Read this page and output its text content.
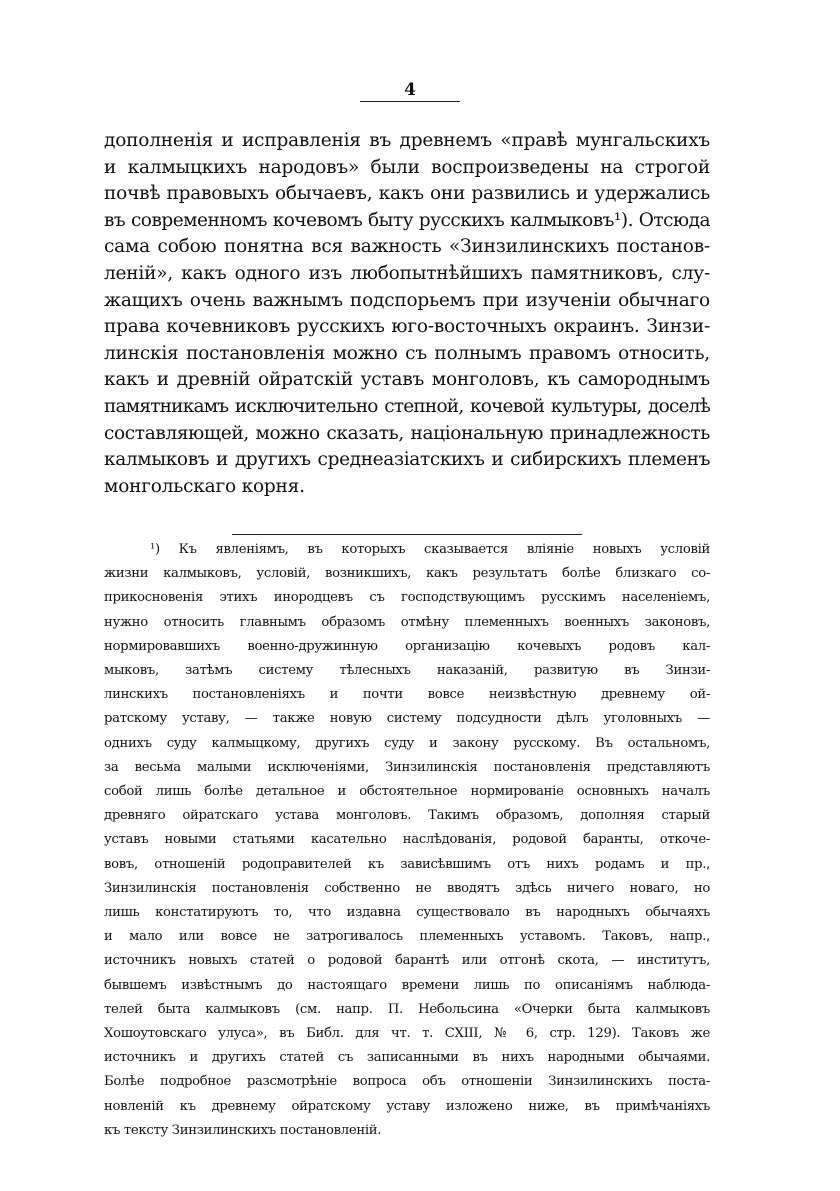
4
дополненія и исправленія въ древнемъ «правѣ мунгальскихъ
и калмыцкихъ народовъ» были воспроизведены на строгой
почвѣ правовыхъ обычаевъ, какъ они развились и удержались
въ современномъ кочевомъ быту русскихъ калмыковъ¹). Отсюда
сама собою понятна вся важность «Зинзилинскихъ постанов-
леній», какъ одного изъ любопытнѣйшихъ памятниковъ, слу-
жащихъ очень важнымъ подспорьемъ при изученіи обычнаго
права кочевниковъ русскихъ юго-восточныхъ окраинъ. Зинзи-
линскія постановленія можно съ полнымъ правомъ относить,
какъ и древній ойратскій уставъ монголовъ, къ самороднымъ
памятникамъ исключительно степной, кочевой культуры, доселѣ
составляющей, можно сказать, національную принадлежность
калмыковъ и другихъ среднеазіатскихъ и сибирскихъ племенъ
монгольскаго корня.
¹) Къ явленіямъ, въ которыхъ сказывается вліяніе новыхъ условій
жизни калмыковъ, условій, возникшихъ, какъ результатъ болѣе близкаго со-
прикосновенія этихъ инородцевъ съ господствующимъ русскимъ населеніемъ,
нужно относить главнымъ образомъ отмѣну племенныхъ военныхъ законовъ,
нормировавшихъ военно-дружинную организацію кочевыхъ родовъ кал-
мыковъ, затѣмъ систему тѣлесныхъ наказаній, развитую въ Зинзи-
линскихъ постановленіяхъ и почти вовсе неизвѣстную древнему ой-
ратскому уставу, — также новую систему подсудности дѣлъ уголовныхъ —
однихъ суду калмыцкому, другихъ суду и закону русскому. Въ остальномъ,
за весьма малыми исключеніями, Зинзилинскія постановленія представляютъ
собой лишь болѣе детальное и обстоятельное нормированіе основныхъ началъ
древняго ойратскаго устава монголовъ. Такимъ образомъ, дополняя старый
уставъ новыми статьями касательно наслѣдованія, родовой баранты, откоче-
вовъ, отношеній родоправителей къ зависѣвшимъ отъ нихъ родамъ и пр.,
Зинзилинскія постановленія собственно не вводятъ здѣсь ничего новаго, но
лишь констатируютъ то, что издавна существовало въ народныхъ обычаяхъ
и мало или вовсе не затрогивалось племенныхъ уставомъ. Таковъ, напр.,
источникъ новыхъ статей о родовой барантѣ или отгонѣ скота, — институтъ,
бывшемъ извѣстнымъ до настоящаго времени лишь по описаніямъ наблюда-
телей быта калмыковъ (см. напр. П. Небольсина «Очерки быта калмыковъ
Хошоутовскаго улуса», въ Библ. для чт. т. CXIII, № 6, стр. 129). Таковъ же
источникъ и другихъ статей съ записанными въ нихъ народными обычаями.
Болѣе подробное разсмотрѣніе вопроса объ отношеніи Зинзилинскихъ поста-
новленій къ древнему ойратскому уставу изложено ниже, въ примѣчаніяхъ
къ тексту Зинзилинскихъ постановленій.
